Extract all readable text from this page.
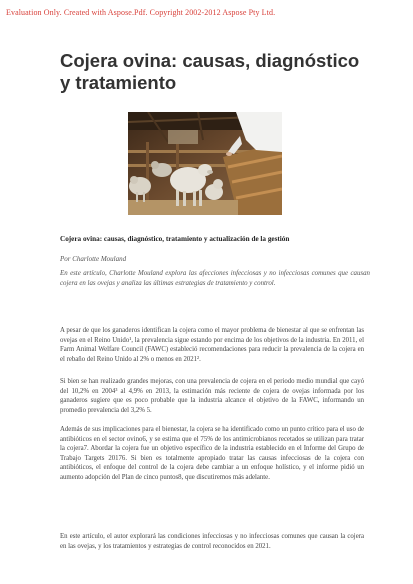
Evaluation Only. Created with Aspose.Pdf. Copyright 2002-2012 Aspose Pty Ltd.
Cojera ovina: causas, diagnóstico y tratamiento

Cojera ovina: causas, diagnóstico, tratamiento y actualización de la gestión

Por Charlotte Mouland

En este artículo, Charlotte Mouland explora las afecciones infecciosas y no infecciosas comunes que causan cojera en las ovejas y analiza las últimas estrategias de tratamiento y control.

A pesar de que los ganaderos identifican la cojera como el mayor problema de bienestar al que se enfrentan las ovejas en el Reino Unido¹, la prevalencia sigue estando por encima de los objetivos de la industria. En 2011, el Farm Animal Welfare Council (FAWC) estableció recomendaciones para reducir la prevalencia de la cojera en el rebaño del Reino Unido al 2% o menos en 2021².

Si bien se han realizado grandes mejoras, con una prevalencia de cojera en el periodo medio mundial que cayó del 10,2% en 2004³ al 4,9% en 2013, la estimación más reciente de cojera de ovejas informada por los ganaderos sugiere que es poco probable que la industria alcance el objetivo de la FAWC, informando un promedio prevalencia del 3,2% 5.

Además de sus implicaciones para el bienestar, la cojera se ha identificado como un punto crítico para el uso de antibióticos en el sector ovino6, y se estima que el 75% de los antimicrobianos recetados se utilizan para tratar la cojera7. Abordar la cojera fue un objetivo específico de la industria establecido en el Informe del Grupo de Trabajo Targets 20176. Si bien es totalmente apropiado tratar las causas infecciosas de la cojera con antibióticos, el enfoque del control de la cojera debe cambiar a un enfoque holístico, y el informe pidió un aumento adopción del Plan de cinco puntos8, que discutiremos más adelante.

En este artículo, el autor explorará las condiciones infecciosas y no infecciosas comunes que causan la cojera en las ovejas, y los tratamientos y estrategias de control reconocidos en 2021.
